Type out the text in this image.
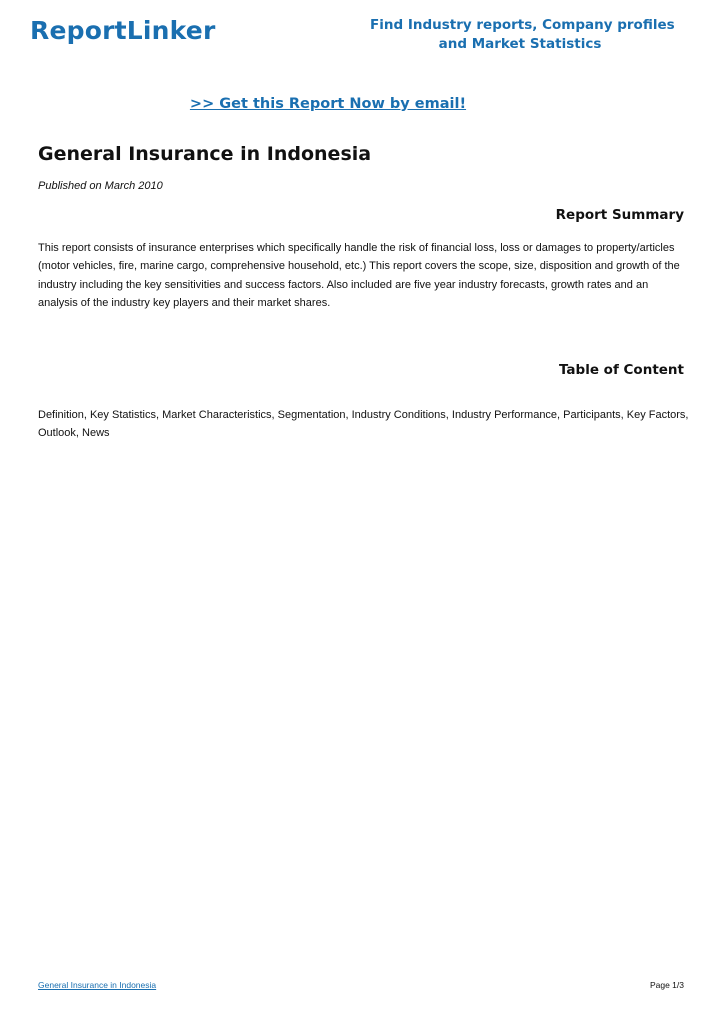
ReportLinker	Find Industry reports, Company profiles
and Market Statistics
>> Get this Report Now by email!
General Insurance in Indonesia
Published on March 2010
Report Summary
This report consists of insurance enterprises which specifically handle the risk of financial loss, loss or damages to property/articles
(motor vehicles, fire, marine cargo, comprehensive household, etc.) This report covers the scope, size, disposition and growth of the
industry including the key sensitivities and success factors. Also included are five year industry forecasts, growth rates and an
analysis of the industry key players and their market shares.
Table of Content
Definition, Key Statistics, Market Characteristics, Segmentation, Industry Conditions, Industry Performance, Participants, Key Factors,
Outlook, News
General Insurance in Indonesia	Page 1/3
